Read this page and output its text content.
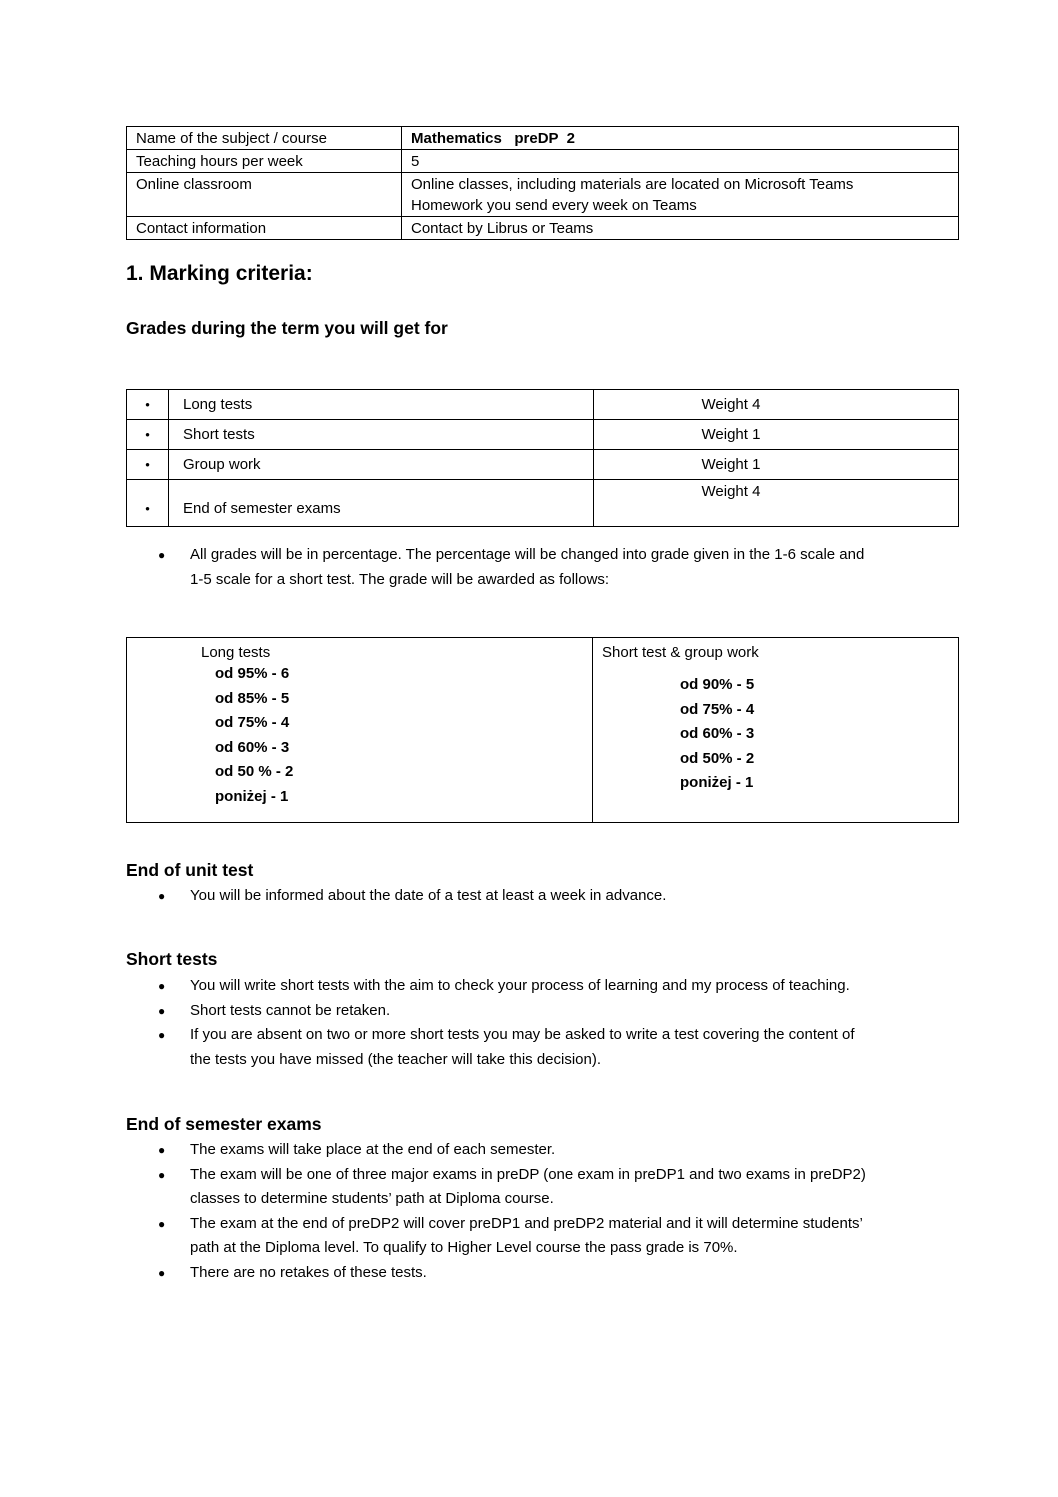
Name of the subject / course	Mathematics   preDP  2
Teaching hours per week	5
Online classroom	Online classes, including materials are located on Microsoft Teams
Homework you send every week on Teams

Contact information	Contact by Librus or Teams
1. Marking criteria:
Grades during the term you will get for
•	Long tests	Weight 4
•	Short tests	Weight 1
•	Group work	Weight 1
•	End of semester exams	Weight 4
● All grades will be in percentage. The percentage will be changed into grade given in the 1-6 scale and
1-5 scale for a short test. The grade will be awarded as follows:
Long tests
od 95% - 6
od 85% - 5
od 75% - 4
od 60% - 3
od 50 % - 2
poniżej - 1

Short test & group work
od 90% - 5
od 75% - 4
od 60% - 3
od 50% - 2
poniżej - 1
End of unit test
● You will be informed about the date of a test at least a week in advance.
Short tests
● You will write short tests with the aim to check your process of learning and my process of teaching.
● Short tests cannot be retaken.
● If you are absent on two or more short tests you may be asked to write a test covering the content of
the tests you have missed (the teacher will take this decision).
End of semester exams
● The exams will take place at the end of each semester.
● The exam will be one of three major exams in preDP (one exam in preDP1 and two exams in preDP2)
classes to determine students’ path at Diploma course.
● The exam at the end of preDP2 will cover preDP1 and preDP2 material and it will determine students’
path at the Diploma level. To qualify to Higher Level course the pass grade is 70%.
● There are no retakes of these tests.
